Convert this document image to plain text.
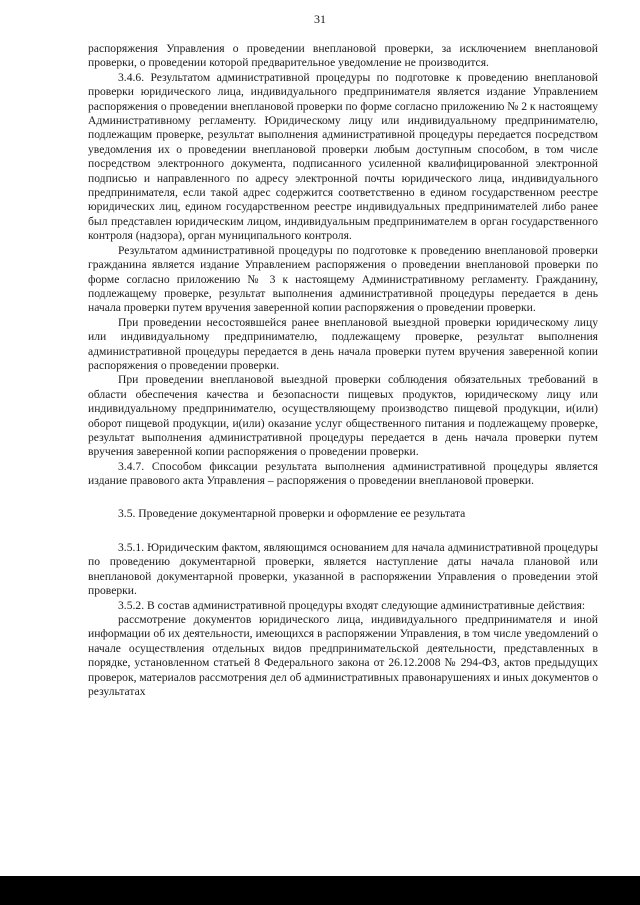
31

распоряжения Управления о проведении внеплановой проверки, за исключением внеплановой проверки, о проведении которой предварительное уведомление не производится.

3.4.6. Результатом административной процедуры по подготовке к проведению внеплановой проверки юридического лица, индивидуального предпринимателя является издание Управлением распоряжения о проведении внеплановой проверки по форме согласно приложению № 2 к настоящему Административному регламенту. Юридическому лицу или индивидуальному предпринимателю, подлежащим проверке, результат выполнения административной процедуры передается посредством уведомления их о проведении внеплановой проверки любым доступным способом, в том числе посредством электронного документа, подписанного усиленной квалифицированной электронной подписью и направленного по адресу электронной почты юридического лица, индивидуального предпринимателя, если такой адрес содержится соответственно в едином государственном реестре юридических лиц, едином государственном реестре индивидуальных предпринимателей либо ранее был представлен юридическим лицом, индивидуальным предпринимателем в орган государственного контроля (надзора), орган муниципального контроля.

Результатом административной процедуры по подготовке к проведению внеплановой проверки гражданина является издание Управлением распоряжения о проведении внеплановой проверки по форме согласно приложению № 3 к настоящему Административному регламенту. Гражданину, подлежащему проверке, результат выполнения административной процедуры передается в день начала проверки путем вручения заверенной копии распоряжения о проведении проверки.

При проведении несостоявшейся ранее внеплановой выездной проверки юридическому лицу или индивидуальному предпринимателю, подлежащему проверке, результат выполнения административной процедуры передается в день начала проверки путем вручения заверенной копии распоряжения о проведении проверки.

При проведении внеплановой выездной проверки соблюдения обязательных требований в области обеспечения качества и безопасности пищевых продуктов, юридическому лицу или индивидуальному предпринимателю, осуществляющему производство пищевой продукции, и(или) оборот пищевой продукции, и(или) оказание услуг общественного питания и подлежащему проверке, результат выполнения административной процедуры передается в день начала проверки путем вручения заверенной копии распоряжения о проведении проверки.

3.4.7. Способом фиксации результата выполнения административной процедуры является издание правового акта Управления – распоряжения о проведении внеплановой проверки.

3.5. Проведение документарной проверки и оформление ее результата

3.5.1. Юридическим фактом, являющимся основанием для начала административной процедуры по проведению документарной проверки, является наступление даты начала плановой или внеплановой документарной проверки, указанной в распоряжении Управления о проведении этой проверки.

3.5.2. В состав административной процедуры входят следующие административные действия:

рассмотрение документов юридического лица, индивидуального предпринимателя и иной информации об их деятельности, имеющихся в распоряжении Управления, в том числе уведомлений о начале осуществления отдельных видов предпринимательской деятельности, представленных в порядке, установленном статьей 8 Федерального закона от 26.12.2008 № 294-ФЗ, актов предыдущих проверок, материалов рассмотрения дел об административных правонарушениях и иных документов о результатах
